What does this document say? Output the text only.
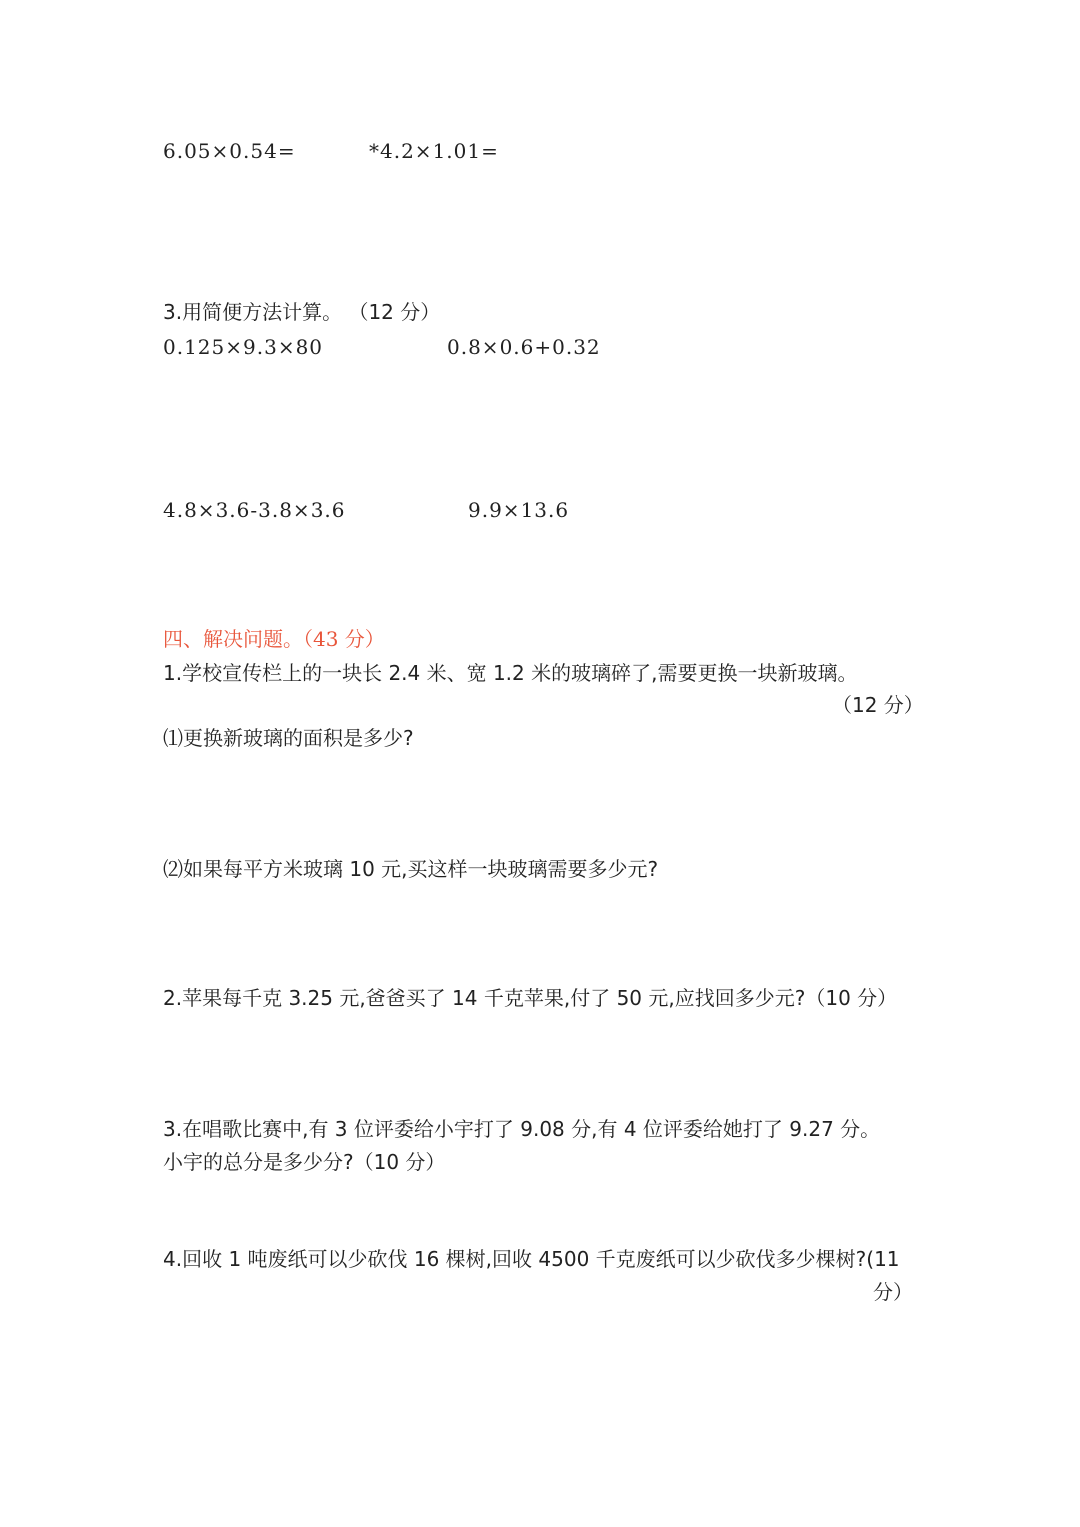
6.05×0.54=	*4.2×1.01=
3.用简便方法计算。 （12 分）
0.125×9.3×80	0.8×0.6+0.32
4.8×3.6-3.8×3.6	9.9×13.6
四、解决问题。（43 分）
1.学校宣传栏上的一块长 2.4 米、宽 1.2 米的玻璃碎了,需要更换一块新玻璃。
（12 分）
⑴更换新玻璃的面积是多少?
⑵如果每平方米玻璃 10 元,买这样一块玻璃需要多少元?
2.苹果每千克 3.25 元,爸爸买了 14 千克苹果,付了 50 元,应找回多少元?（10 分）
3.在唱歌比赛中,有 3 位评委给小宇打了 9.08 分,有 4 位评委给她打了 9.27 分。
小宇的总分是多少分?（10 分）
4.回收 1 吨废纸可以少砍伐 16 棵树,回收 4500 千克废纸可以少砍伐多少棵树?(11
分）
